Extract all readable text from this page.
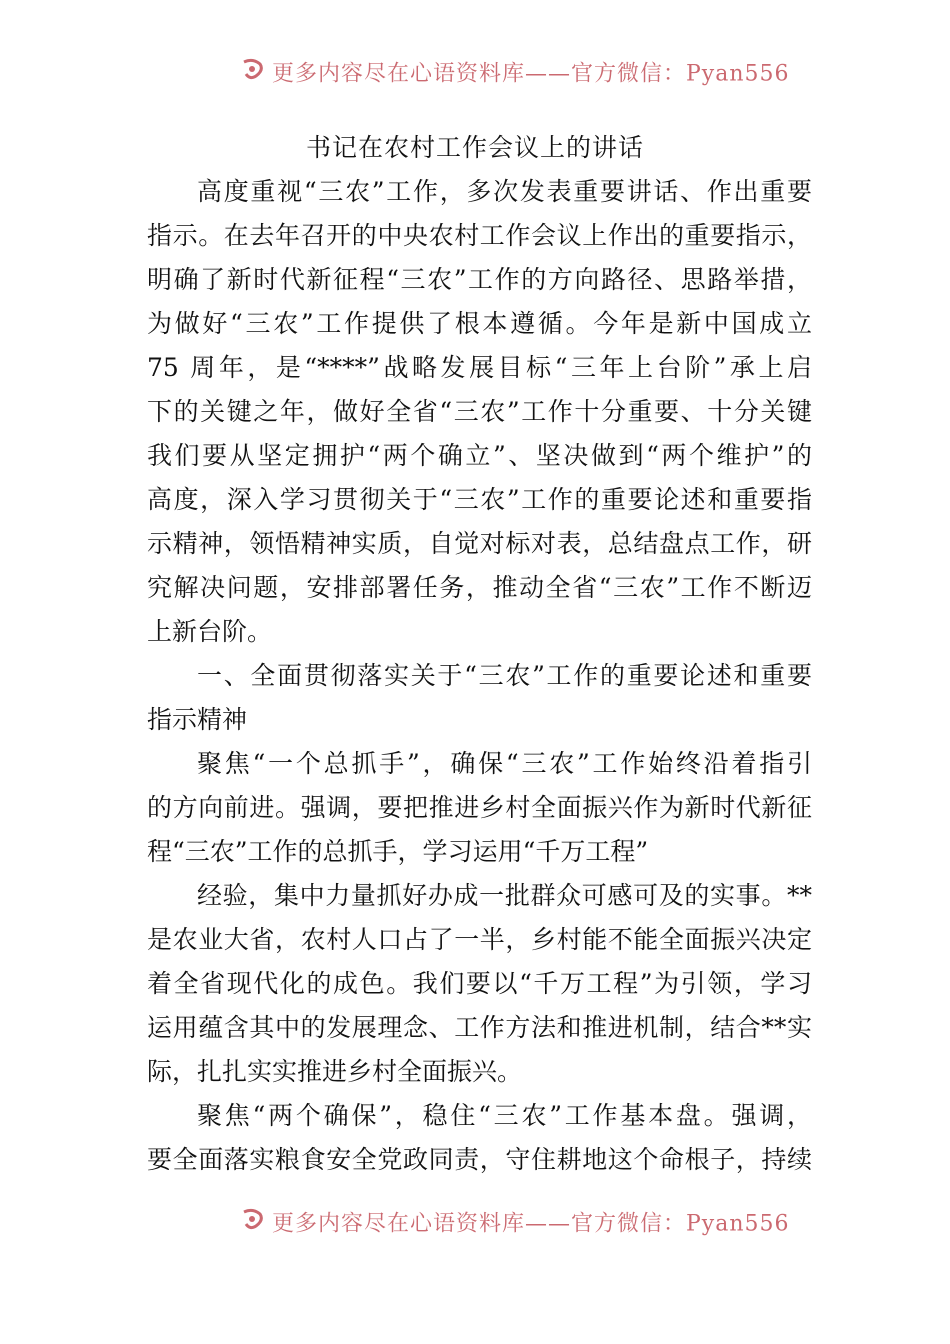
更多内容尽在心语资料库——官方微信：Pyan556
书记在农村工作会议上的讲话
高度重视“三农”工作，多次发表重要讲话、作出重要
指示。在去年召开的中央农村工作会议上作出的重要指示，
明确了新时代新征程“三农”工作的方向路径、思路举措，
为做好“三农”工作提供了根本遵循。今年是新中国成立
75 周年，是“****”战略发展目标“三年上台阶”承上启
下的关键之年，做好全省“三农”工作十分重要、十分关键
我们要从坚定拥护“两个确立”、坚决做到“两个维护”的
高度，深入学习贯彻关于“三农”工作的重要论述和重要指
示精神，领悟精神实质，自觉对标对表，总结盘点工作，研
究解决问题，安排部署任务，推动全省“三农”工作不断迈
上新台阶。
一、全面贯彻落实关于“三农”工作的重要论述和重要
指示精神
聚焦“一个总抓手”，确保“三农”工作始终沿着指引
的方向前进。强调，要把推进乡村全面振兴作为新时代新征
程“三农”工作的总抓手，学习运用“千万工程”
经验，集中力量抓好办成一批群众可感可及的实事。**
是农业大省，农村人口占了一半，乡村能不能全面振兴决定
着全省现代化的成色。我们要以“千万工程”为引领，学习
运用蕴含其中的发展理念、工作方法和推进机制，结合**实
际，扎扎实实推进乡村全面振兴。
聚焦“两个确保”，稳住“三农”工作基本盘。强调，
要全面落实粮食安全党政同责，守住耕地这个命根子，持续
更多内容尽在心语资料库——官方微信：Pyan556
